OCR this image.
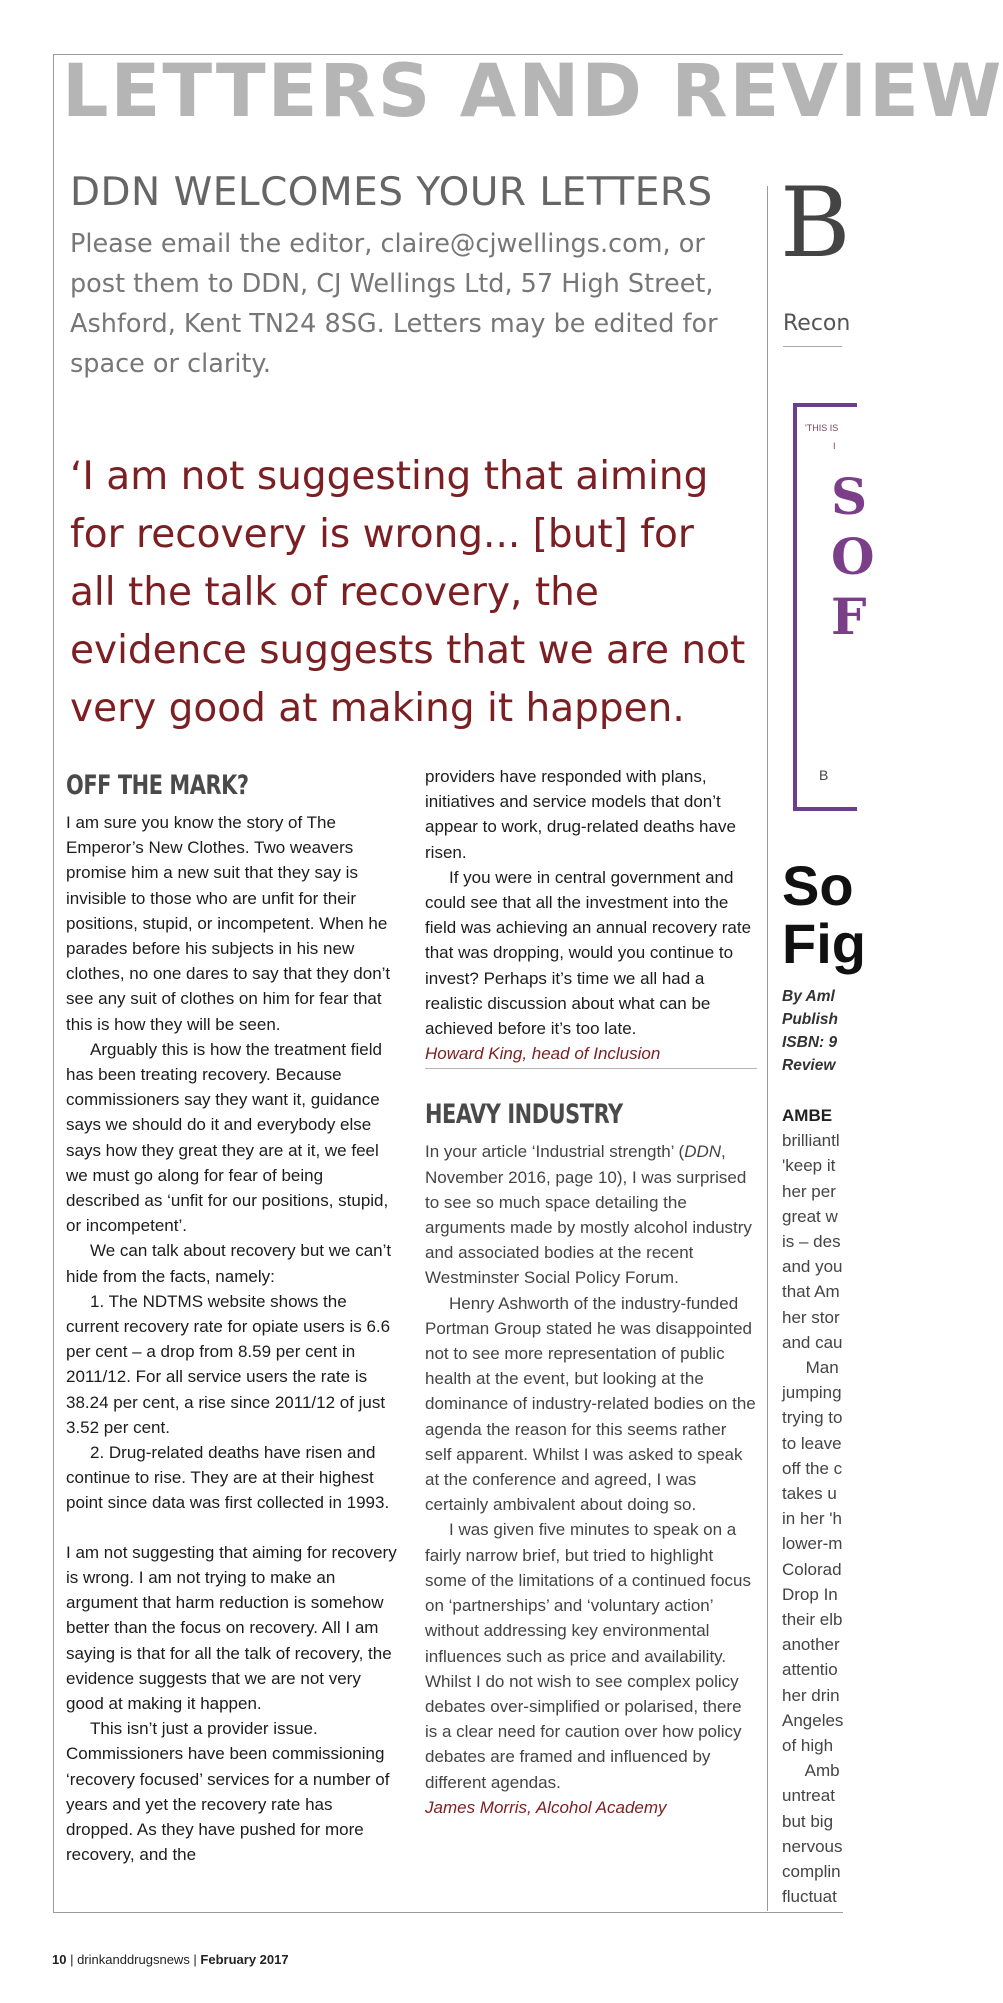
LETTERS AND REVIEW
DDN WELCOMES YOUR LETTERS
Please email the editor, claire@cjwellings.com, or post them to DDN, CJ Wellings Ltd, 57 High Street, Ashford, Kent TN24 8SG. Letters may be edited for space or clarity.
‘I am not suggesting that aiming for recovery is wrong... [but] for all the talk of recovery, the evidence suggests that we are not very good at making it happen.
OFF THE MARK?

I am sure you know the story of The Emperor’s New Clothes. Two weavers promise him a new suit that they say is invisible to those who are unfit for their positions, stupid, or incompetent. When he parades before his subjects in his new clothes, no one dares to say that they don’t see any suit of clothes on him for fear that this is how they will be seen.

Arguably this is how the treatment field has been treating recovery. Because commissioners say they want it, guidance says we should do it and everybody else says how they great they are at it, we feel we must go along for fear of being described as ‘unfit for our positions, stupid, or incompetent’.

We can talk about recovery but we can’t hide from the facts, namely:

1. The NDTMS website shows the current recovery rate for opiate users is 6.6 per cent – a drop from 8.59 per cent in 2011/12. For all service users the rate is 38.24 per cent, a rise since 2011/12 of just 3.52 per cent.

2. Drug-related deaths have risen and continue to rise. They are at their highest point since data was first collected in 1993.

I am not suggesting that aiming for recovery is wrong. I am not trying to make an argument that harm reduction is somehow better than the focus on recovery. All I am saying is that for all the talk of recovery, the evidence suggests that we are not very good at making it happen.

This isn’t just a provider issue. Commissioners have been commissioning ‘recovery focused’ services for a number of years and yet the recovery rate has dropped. As they have pushed for more recovery, and the

providers have responded with plans, initiatives and service models that don’t appear to work, drug-related deaths have risen.

If you were in central government and could see that all the investment into the field was achieving an annual recovery rate that was dropping, would you continue to invest? Perhaps it’s time we all had a realistic discussion about what can be achieved before it’s too late.

Howard King, head of Inclusion

HEAVY INDUSTRY

In your article ‘Industrial strength’ (DDN, November 2016, page 10), I was surprised to see so much space detailing the arguments made by mostly alcohol industry and associated bodies at the recent Westminster Social Policy Forum.

Henry Ashworth of the industry-funded Portman Group stated he was disappointed not to see more representation of public health at the event, but looking at the dominance of industry-related bodies on the agenda the reason for this seems rather self apparent. Whilst I was asked to speak at the conference and agreed, I was certainly ambivalent about doing so.

I was given five minutes to speak on a fairly narrow brief, but tried to highlight some of the limitations of a continued focus on ‘partnerships’ and ‘voluntary action’ without addressing key environmental influences such as price and availability. Whilst I do not wish to see complex policy debates over-simplified or polarised, there is a clear need for caution over how policy debates are framed and influenced by different agendas.

James Morris, Alcohol Academy

B
Recon
'THIS IS
I
S
O
F
B
So
Fig
By Aml
Publish
ISBN: 9
Review
AMBE
brilliantl
'keep it
her per
great w
is – des
and you
that Am
her stor
and cau
Man
jumping
trying to
to leave
off the c
takes u
in her 'h
lower-m
Colorad
Drop In
their elb
another
attentio
her drin
Angeles
of high
Amb
untreat
but big
nervous
complin
fluctuat
10 | drinkanddrugsnews | February 2017
